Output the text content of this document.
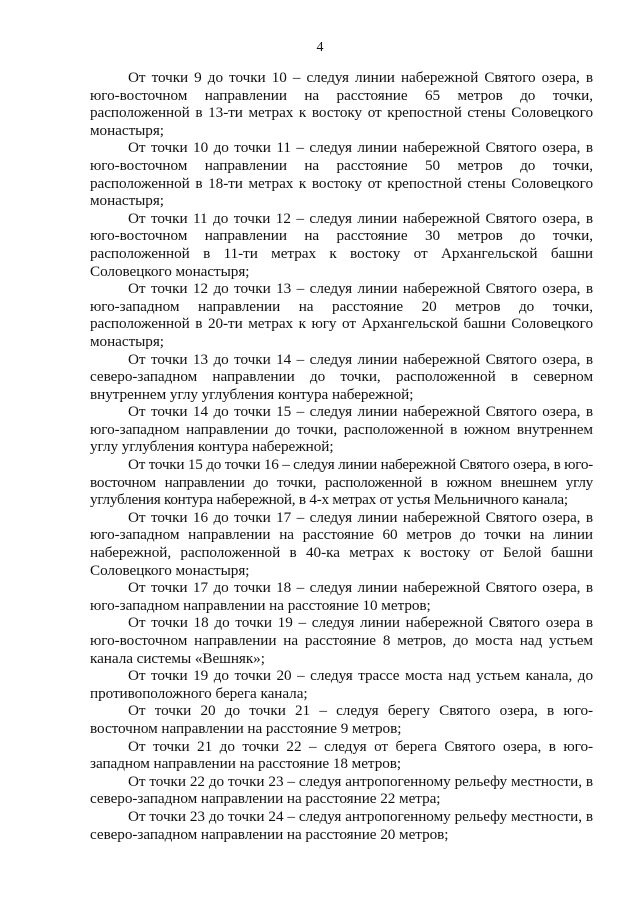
4

От точки 9 до точки 10 – следуя линии набережной Святого озера, в юго-восточном направлении на расстояние 65 метров до точки, расположенной в 13-ти метрах к востоку от крепостной стены Соловецкого монастыря;

От точки 10 до точки 11 – следуя линии набережной Святого озера, в юго-восточном направлении на расстояние 50 метров до точки, расположенной в 18-ти метрах к востоку от крепостной стены Соловецкого монастыря;

От точки 11 до точки 12 – следуя линии набережной Святого озера, в юго-восточном направлении на расстояние 30 метров до точки, расположенной в 11-ти метрах к востоку от Архангельской башни Соловецкого монастыря;

От точки 12 до точки 13 – следуя линии набережной Святого озера, в юго-западном направлении на расстояние 20 метров до точки, расположенной в 20-ти метрах к югу от Архангельской башни Соловецкого монастыря;

От точки 13 до точки 14 – следуя линии набережной Святого озера, в северо-западном направлении до точки, расположенной в северном внутреннем углу углубления контура набережной;

От точки 14 до точки 15 – следуя линии набережной Святого озера, в юго-западном направлении до точки, расположенной в южном внутреннем углу углубления контура набережной;

От точки 15 до точки 16 – следуя линии набережной Святого озера, в юго-восточном направлении до точки, расположенной в южном внешнем углу углубления контура набережной, в 4-х метрах от устья Мельничного канала;

От точки 16 до точки 17 – следуя линии набережной Святого озера, в юго-западном направлении на расстояние 60 метров до точки на линии набережной, расположенной в 40-ка метрах к востоку от Белой башни Соловецкого монастыря;

От точки 17 до точки 18 – следуя линии набережной Святого озера, в юго-западном направлении на расстояние 10 метров;

От точки 18 до точки 19 – следуя линии набережной Святого озера в юго-восточном направлении на расстояние 8 метров, до моста над устьем канала системы «Вешняк»;

От точки 19 до точки 20 – следуя трассе моста над устьем канала, до противоположного берега канала;

От точки 20 до точки 21 – следуя берегу Святого озера, в юго-восточном направлении на расстояние 9 метров;

От точки 21 до точки 22 – следуя от берега Святого озера, в юго-западном направлении на расстояние 18 метров;

От точки 22 до точки 23 – следуя антропогенному рельефу местности, в северо-западном направлении на расстояние 22 метра;

От точки 23 до точки 24 – следуя антропогенному рельефу местности, в северо-западном направлении на расстояние 20 метров;
